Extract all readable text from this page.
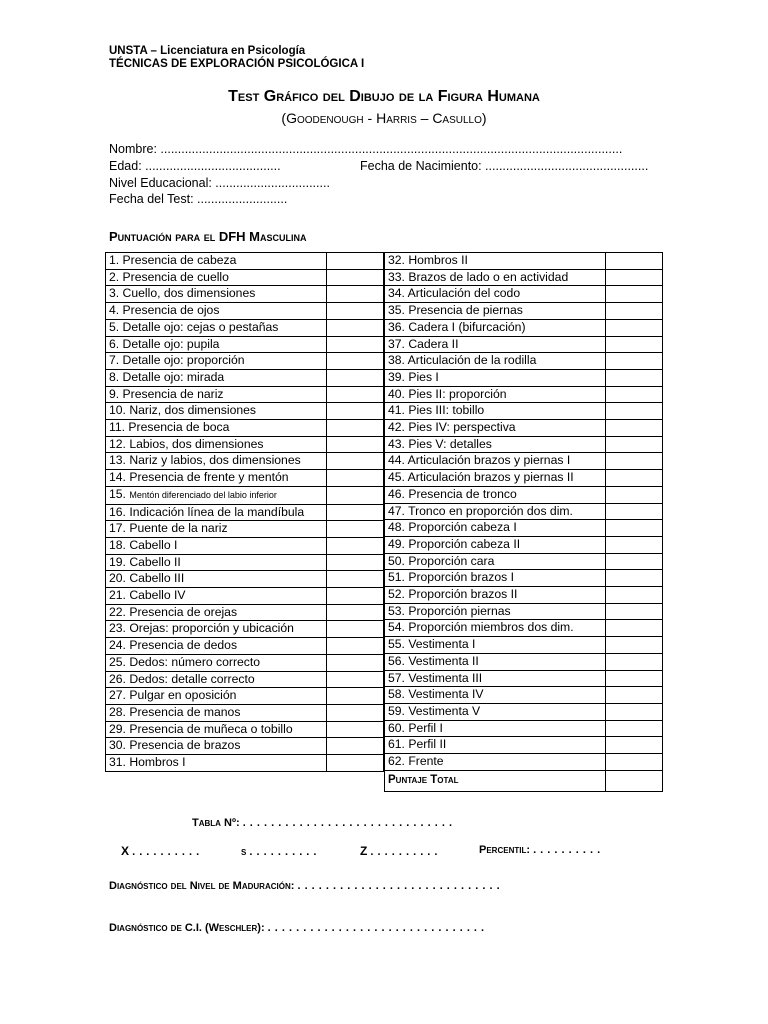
UNSTA – Licenciatura en Psicología
TÉCNICAS DE EXPLORACIÓN PSICOLÓGICA I
Test Gráfico del Dibujo de la Figura Humana
(Goodenough - Harris – Casullo)
Nombre: .....................................................................................................................................
Edad: .......................................	Fecha de Nacimiento: ...............................................
Nivel Educacional: .................................
Fecha del Test: ..........................
Puntuación para el DFH Masculina
1. Presencia de cabeza	
2. Presencia de cuello	
3. Cuello, dos dimensiones	
4. Presencia de ojos	
5. Detalle ojo: cejas o pestañas	
6. Detalle ojo: pupila	
7. Detalle ojo: proporción	
8. Detalle ojo: mirada	
9. Presencia de nariz	
10. Nariz, dos dimensiones	
11. Presencia de boca	
12. Labios, dos dimensiones	
13. Nariz y labios, dos dimensiones	
14. Presencia de frente y mentón	
15. Mentón diferenciado del labio inferior	
16. Indicación línea de la mandíbula	
17. Puente de la nariz	
18. Cabello I	
19. Cabello II	
20. Cabello III	
21. Cabello IV	
22. Presencia de orejas	
23. Orejas: proporción y ubicación	
24. Presencia de dedos	
25. Dedos: número correcto	
26. Dedos: detalle correcto	
27. Pulgar en oposición	
28. Presencia de manos	
29. Presencia de muñeca o tobillo	
30. Presencia de brazos	
31. Hombros I	
32. Hombros II	
33. Brazos de lado o en actividad	
34. Articulación del codo	
35. Presencia de piernas	
36. Cadera I (bifurcación)	
37. Cadera II	
38. Articulación de la rodilla	
39. Pies I	
40. Pies II: proporción	
41. Pies III: tobillo	
42. Pies IV: perspectiva	
43. Pies V: detalles	
44. Articulación brazos y piernas I	
45. Articulación brazos y piernas II	
46. Presencia de tronco	
47. Tronco en proporción dos dim.	
48. Proporción cabeza I	
49. Proporción cabeza II	
50. Proporción cara	
51. Proporción brazos I	
52. Proporción brazos II	
53. Proporción piernas	
54. Proporción miembros dos dim.	
55. Vestimenta I	
56. Vestimenta II	
57. Vestimenta III	
58. Vestimenta IV	
59. Vestimenta V	
60. Perfil I	
61. Perfil II	
62. Frente	
Puntaje Total	
Tabla Nº: . . . . . . . . . . . . . . . . . . . . . . . . . . . . . .
X . . . . . . . . . .	s . . . . . . . . . .	Z . . . . . . . . . .	Percentil: . . . . . . . . . .
Diagnóstico del Nivel de Maduración: . . . . . . . . . . . . . . . . . . . . . . . . . . . . .
Diagnóstico de C.I. (Weschler): . . . . . . . . . . . . . . . . . . . . . . . . . . . . . . .
